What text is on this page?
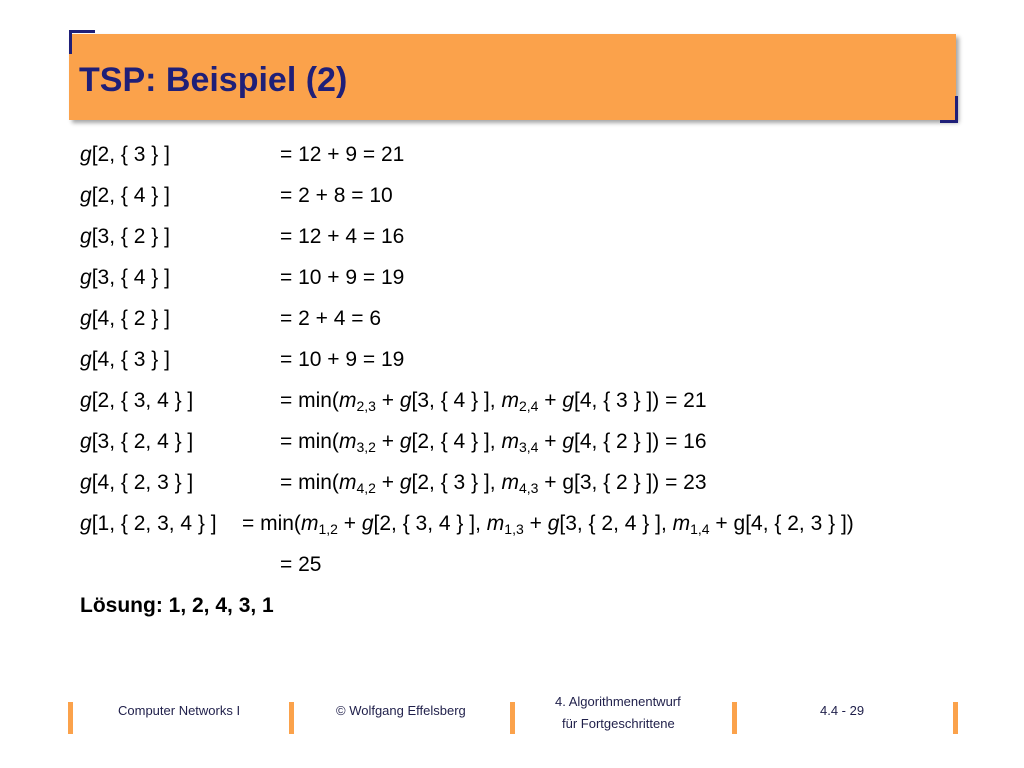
TSP: Beispiel (2)
g[2, { 3 } ]	= 12 + 9 = 21
g[2, { 4 } ]	= 2 + 8 = 10
g[3, { 2 } ]	= 12 + 4 = 16
g[3, { 4 } ]	= 10 + 9 = 19
g[4, { 2 } ]	= 2 + 4 = 6
g[4, { 3 } ]	= 10 + 9 = 19
g[2, { 3, 4 } ]	= $\min(m_{2,3} + g[3$, { 4 } ], $m_{2,4} + g[4$, { 3 } ]) = 21
g[3, { 2, 4 } ]	= $\min(m_{3,2} + g[2$, { 4 } ], $m_{3,4} + g[4$, { 2 } ]) = 16
g[4, { 2, 3 } ]	= $\min(m_{4,2} + g[2$, { 3 } ], $m_{4,3} + g[3$, { 2 } ]) = 23
g[1, { 2, 3, 4 } ] = $\min(m_{1,2} + g[2$, { 3, 4 } ], $m_{1,3} + g[3$, { 2, 4 } ], $m_{1,4} + g[4$, { 2, 3 } ])
= 25
Lösung: 1, 2, 4, 3, 1
Computer Networks I	© Wolfgang Effelsberg
4. Algorithmenentwurf
für Fortgeschrittene
4.4 - 29
